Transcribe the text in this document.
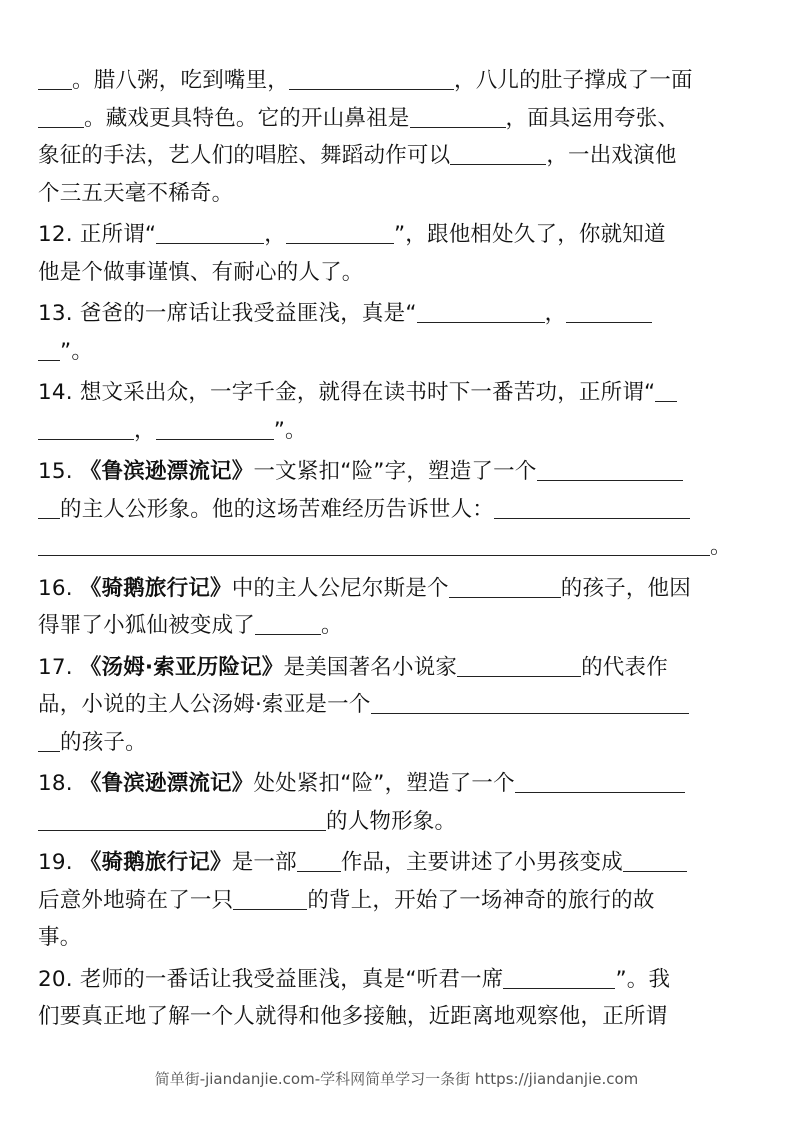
。腊八粥，吃到嘴里，	，八儿的肚子撑成了一面
。藏戏更具特色。它的开山鼻祖是	，面具运用夸张、
象征的手法，艺人们的唱腔、舞蹈动作可以	，一出戏演他
个三五天毫不稀奇。
12. 正所谓“	，	”，跟他相处久了，你就知道
他是个做事谨慎、有耐心的人了。
13. 爸爸的一席话让我受益匪浅，真是“	，
”。
14. 想文采出众，一字千金，就得在读书时下一番苦功，正所谓“
，	”。
15. 《鲁滨逊漂流记》一文紧扣“险”字，塑造了一个
的主人公形象。他的这场苦难经历告诉世人：
。
16. 《骑鹅旅行记》中的主人公尼尔斯是个	的孩子，他因
得罪了小狐仙被变成了	。
17. 《汤姆·索亚历险记》是美国著名小说家	的代表作
品，小说的主人公汤姆·索亚是一个
的孩子。
18. 《鲁滨逊漂流记》处处紧扣“险”，塑造了一个
的人物形象。
19. 《骑鹅旅行记》是一部 作品，主要讲述了小男孩变成
后意外地骑在了一只	的背上，开始了一场神奇的旅行的故
事。
20. 老师的一番话让我受益匪浅，真是“听君一席	”。我
们要真正地了解一个人就得和他多接触，近距离地观察他，正所谓
简单街-jiandanjie.com-学科网简单学习一条街 https://jiandanjie.com
